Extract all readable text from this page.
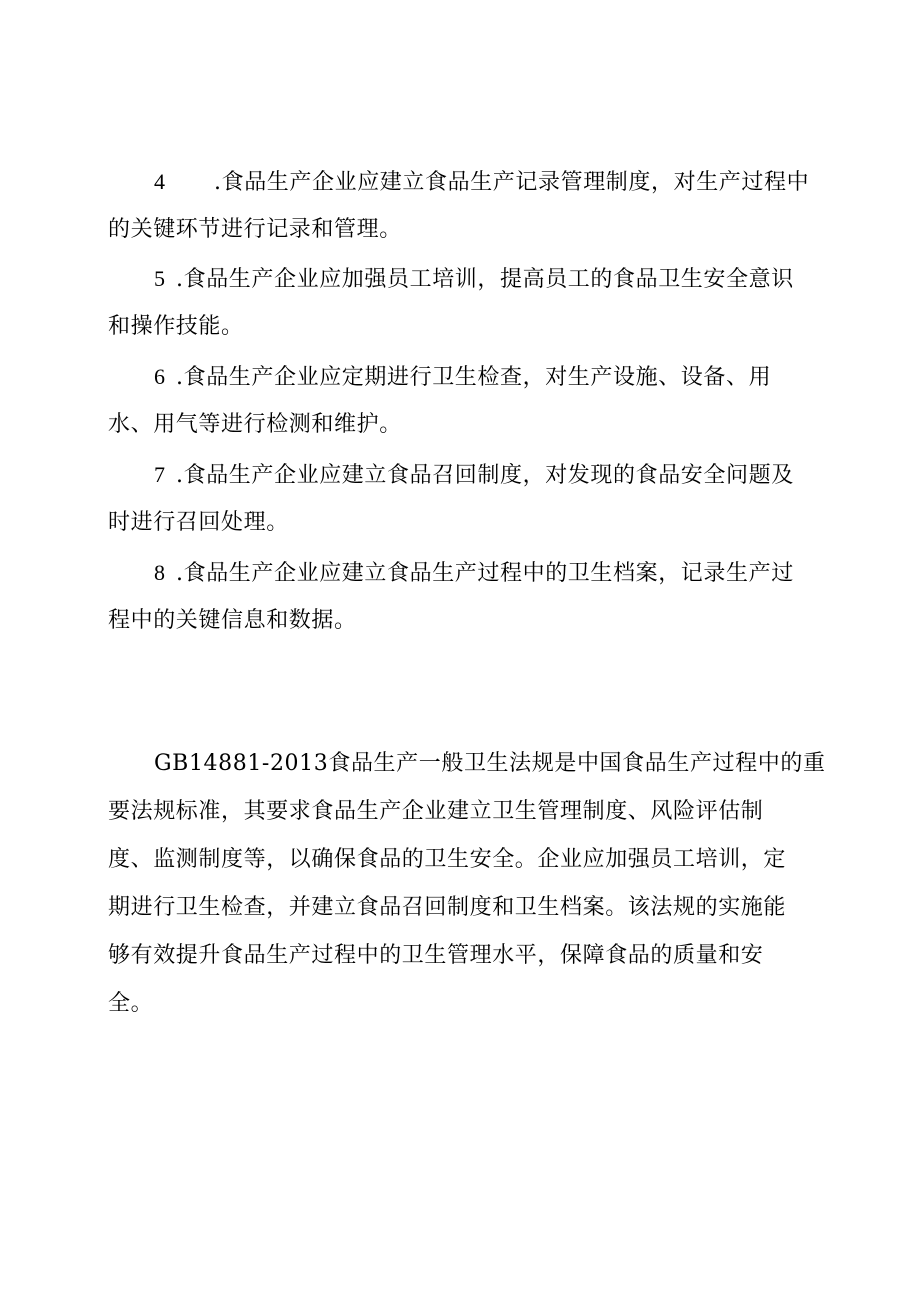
4 .食品生产企业应建立食品生产记录管理制度，对生产过程中
的关键环节进行记录和管理。
5 .食品生产企业应加强员工培训，提高员工的食品卫生安全意识
和操作技能。
6 .食品生产企业应定期进行卫生检查，对生产设施、设备、用
水、用气等进行检测和维护。
7 .食品生产企业应建立食品召回制度，对发现的食品安全问题及
时进行召回处理。
8 .食品生产企业应建立食品生产过程中的卫生档案，记录生产过
程中的关键信息和数据。
GB14881-2013食品生产一般卫生法规是中国食品生产过程中的重
要法规标准，其要求食品生产企业建立卫生管理制度、风险评估制
度、监测制度等，以确保食品的卫生安全。企业应加强员工培训，定
期进行卫生检查，并建立食品召回制度和卫生档案。该法规的实施能
够有效提升食品生产过程中的卫生管理水平，保障食品的质量和安
全。
